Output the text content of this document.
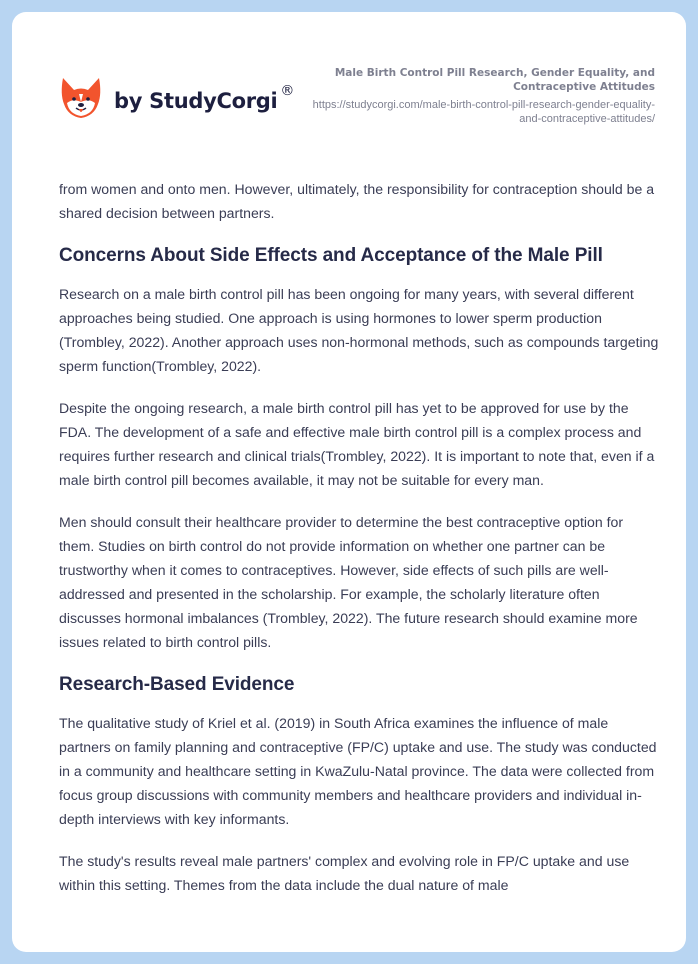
by StudyCorgi ®
Male Birth Control Pill Research, Gender Equality, and Contraceptive Attitudes
https://studycorgi.com/male-birth-control-pill-research-gender-equality-and-contraceptive-attitudes/

from women and onto men. However, ultimately, the responsibility for contraception should be a shared decision between partners.

Concerns About Side Effects and Acceptance of the Male Pill

Research on a male birth control pill has been ongoing for many years, with several different approaches being studied. One approach is using hormones to lower sperm production (Trombley, 2022). Another approach uses non-hormonal methods, such as compounds targeting sperm function(Trombley, 2022).

Despite the ongoing research, a male birth control pill has yet to be approved for use by the FDA. The development of a safe and effective male birth control pill is a complex process and requires further research and clinical trials(Trombley, 2022). It is important to note that, even if a male birth control pill becomes available, it may not be suitable for every man.

Men should consult their healthcare provider to determine the best contraceptive option for them. Studies on birth control do not provide information on whether one partner can be trustworthy when it comes to contraceptives. However, side effects of such pills are well-addressed and presented in the scholarship. For example, the scholarly literature often discusses hormonal imbalances (Trombley, 2022). The future research should examine more issues related to birth control pills.

Research-Based Evidence

The qualitative study of Kriel et al. (2019) in South Africa examines the influence of male partners on family planning and contraceptive (FP/C) uptake and use. The study was conducted in a community and healthcare setting in KwaZulu-Natal province. The data were collected from focus group discussions with community members and healthcare providers and individual in-depth interviews with key informants.

The study's results reveal male partners' complex and evolving role in FP/C uptake and use within this setting. Themes from the data include the dual nature of male
